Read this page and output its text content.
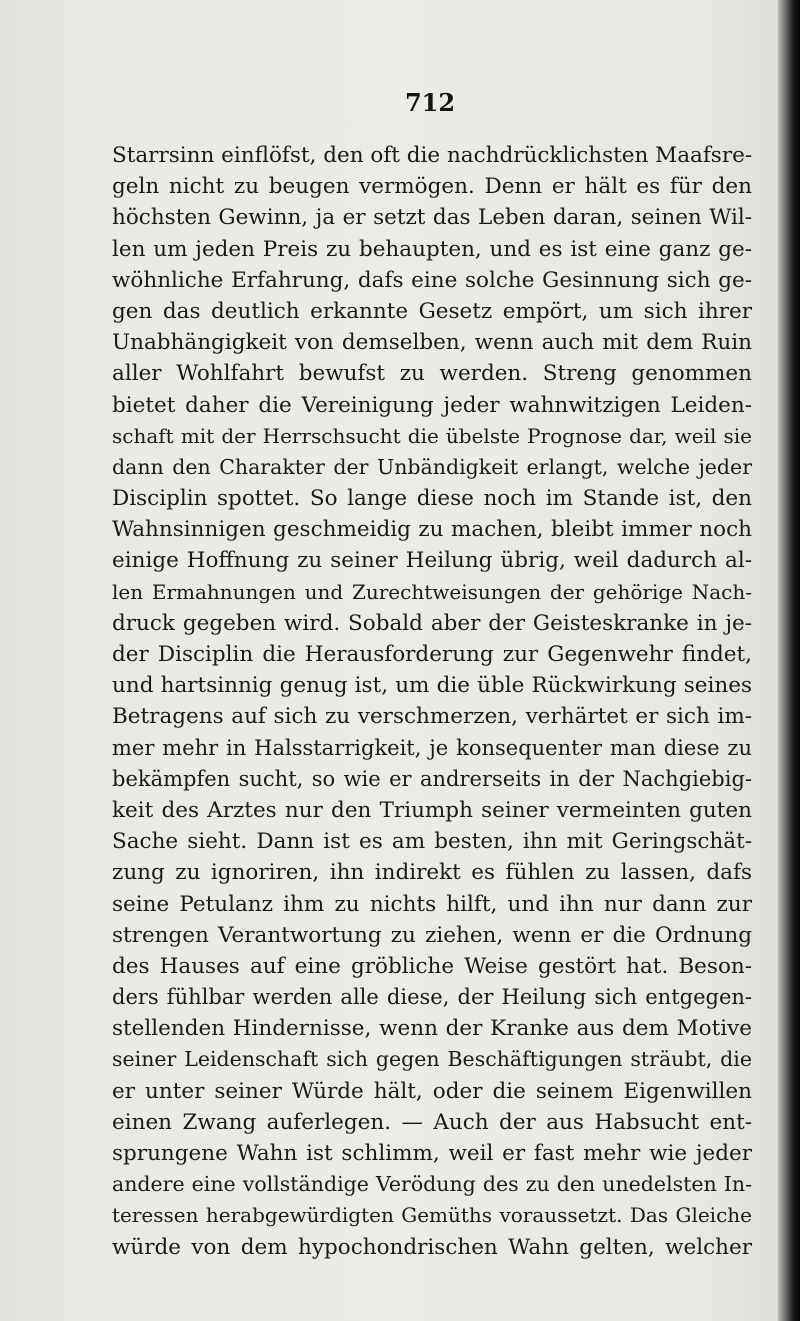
712
Starrsinn einflöfst, den oft die nachdrücklichsten Maafsre-
geln nicht zu beugen vermögen. Denn er hält es für den
höchsten Gewinn, ja er setzt das Leben daran, seinen Wil-
len um jeden Preis zu behaupten, und es ist eine ganz ge-
wöhnliche Erfahrung, dafs eine solche Gesinnung sich ge-
gen das deutlich erkannte Gesetz empört, um sich ihrer
Unabhängigkeit von demselben, wenn auch mit dem Ruin
aller Wohlfahrt bewufst zu werden. Streng genommen
bietet daher die Vereinigung jeder wahnwitzigen Leiden-
schaft mit der Herrschsucht die übelste Prognose dar, weil sie
dann den Charakter der Unbändigkeit erlangt, welche jeder
Disciplin spottet. So lange diese noch im Stande ist, den
Wahnsinnigen geschmeidig zu machen, bleibt immer noch
einige Hoffnung zu seiner Heilung übrig, weil dadurch al-
len Ermahnungen und Zurechtweisungen der gehörige Nach-
druck gegeben wird. Sobald aber der Geisteskranke in je-
der Disciplin die Herausforderung zur Gegenwehr findet,
und hartsinnig genug ist, um die üble Rückwirkung seines
Betragens auf sich zu verschmerzen, verhärtet er sich im-
mer mehr in Halsstarrigkeit, je konsequenter man diese zu
bekämpfen sucht, so wie er andrerseits in der Nachgiebig-
keit des Arztes nur den Triumph seiner vermeinten guten
Sache sieht. Dann ist es am besten, ihn mit Geringschät-
zung zu ignoriren, ihn indirekt es fühlen zu lassen, dafs
seine Petulanz ihm zu nichts hilft, und ihn nur dann zur
strengen Verantwortung zu ziehen, wenn er die Ordnung
des Hauses auf eine gröbliche Weise gestört hat. Beson-
ders fühlbar werden alle diese, der Heilung sich entgegen-
stellenden Hindernisse, wenn der Kranke aus dem Motive
seiner Leidenschaft sich gegen Beschäftigungen sträubt, die
er unter seiner Würde hält, oder die seinem Eigenwillen
einen Zwang auferlegen. — Auch der aus Habsucht ent-
sprungene Wahn ist schlimm, weil er fast mehr wie jeder
andere eine vollständige Verödung des zu den unedelsten In-
teressen herabgewürdigten Gemüths voraussetzt. Das Gleiche
würde von dem hypochondrischen Wahn gelten, welcher
